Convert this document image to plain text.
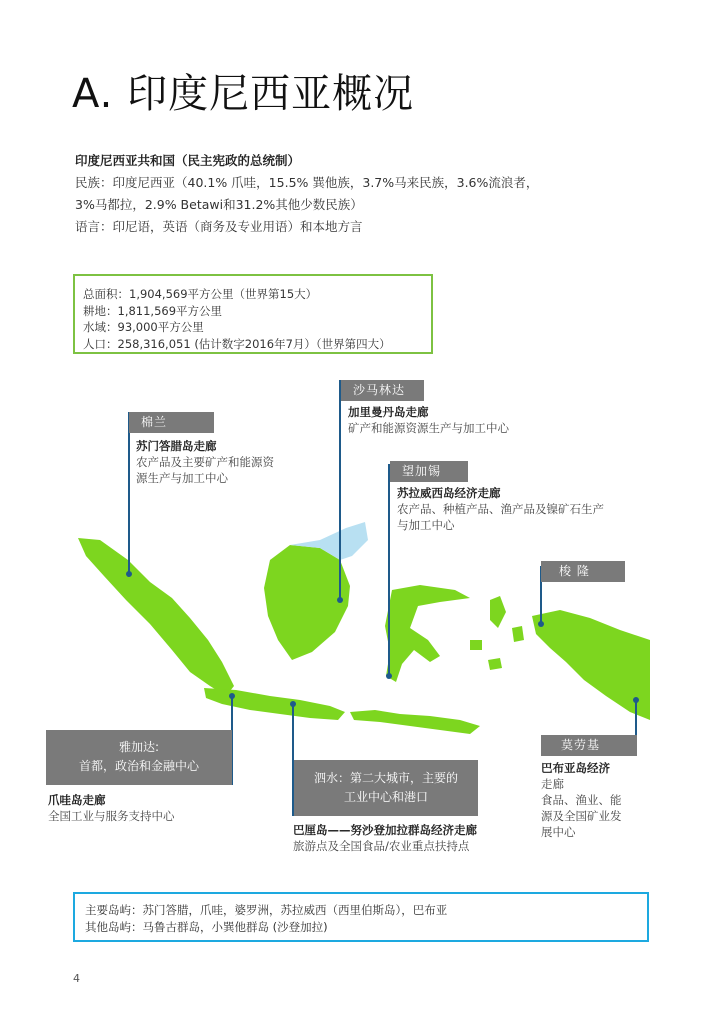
A. 印度尼西亚概况
印度尼西亚共和国（民主宪政的总统制）
民族：印度尼西亚（40.1% 爪哇，15.5% 巽他族，3.7%马来民族，3.6%流浪者，
3%马都拉，2.9% Betawi和31.2%其他少数民族）
语言：印尼语，英语（商务及专业用语）和本地方言
总面积：1,904,569平方公里（世界第15大）
耕地：1,811,569平方公里
水域：93,000平方公里
人口：258,316,051 (估计数字2016年7月）（世界第四大）
棉兰
苏门答腊岛走廊
农产品及主要矿产和能源资
源生产与加工中心
沙马林达
加里曼丹岛走廊
矿产和能源资源生产与加工中心
望加锡
苏拉威西岛经济走廊
农产品、种植产品、渔产品及镍矿石生产
与加工中心
梭 隆
莫劳基
巴布亚岛经济
走廊
食品、渔业、能
源及全国矿业发
展中心
雅加达:
首都，政治和金融中心
爪哇岛走廊
全国工业与服务支持中心
泗水：第二大城市，主要的
工业中心和港口
巴厘岛——努沙登加拉群岛经济走廊
旅游点及全国食品/农业重点扶持点
主要岛屿：苏门答腊，爪哇，婆罗洲，苏拉威西（西里伯斯岛），巴布亚
其他岛屿：马鲁古群岛，小巽他群岛 (沙登加拉)
4
